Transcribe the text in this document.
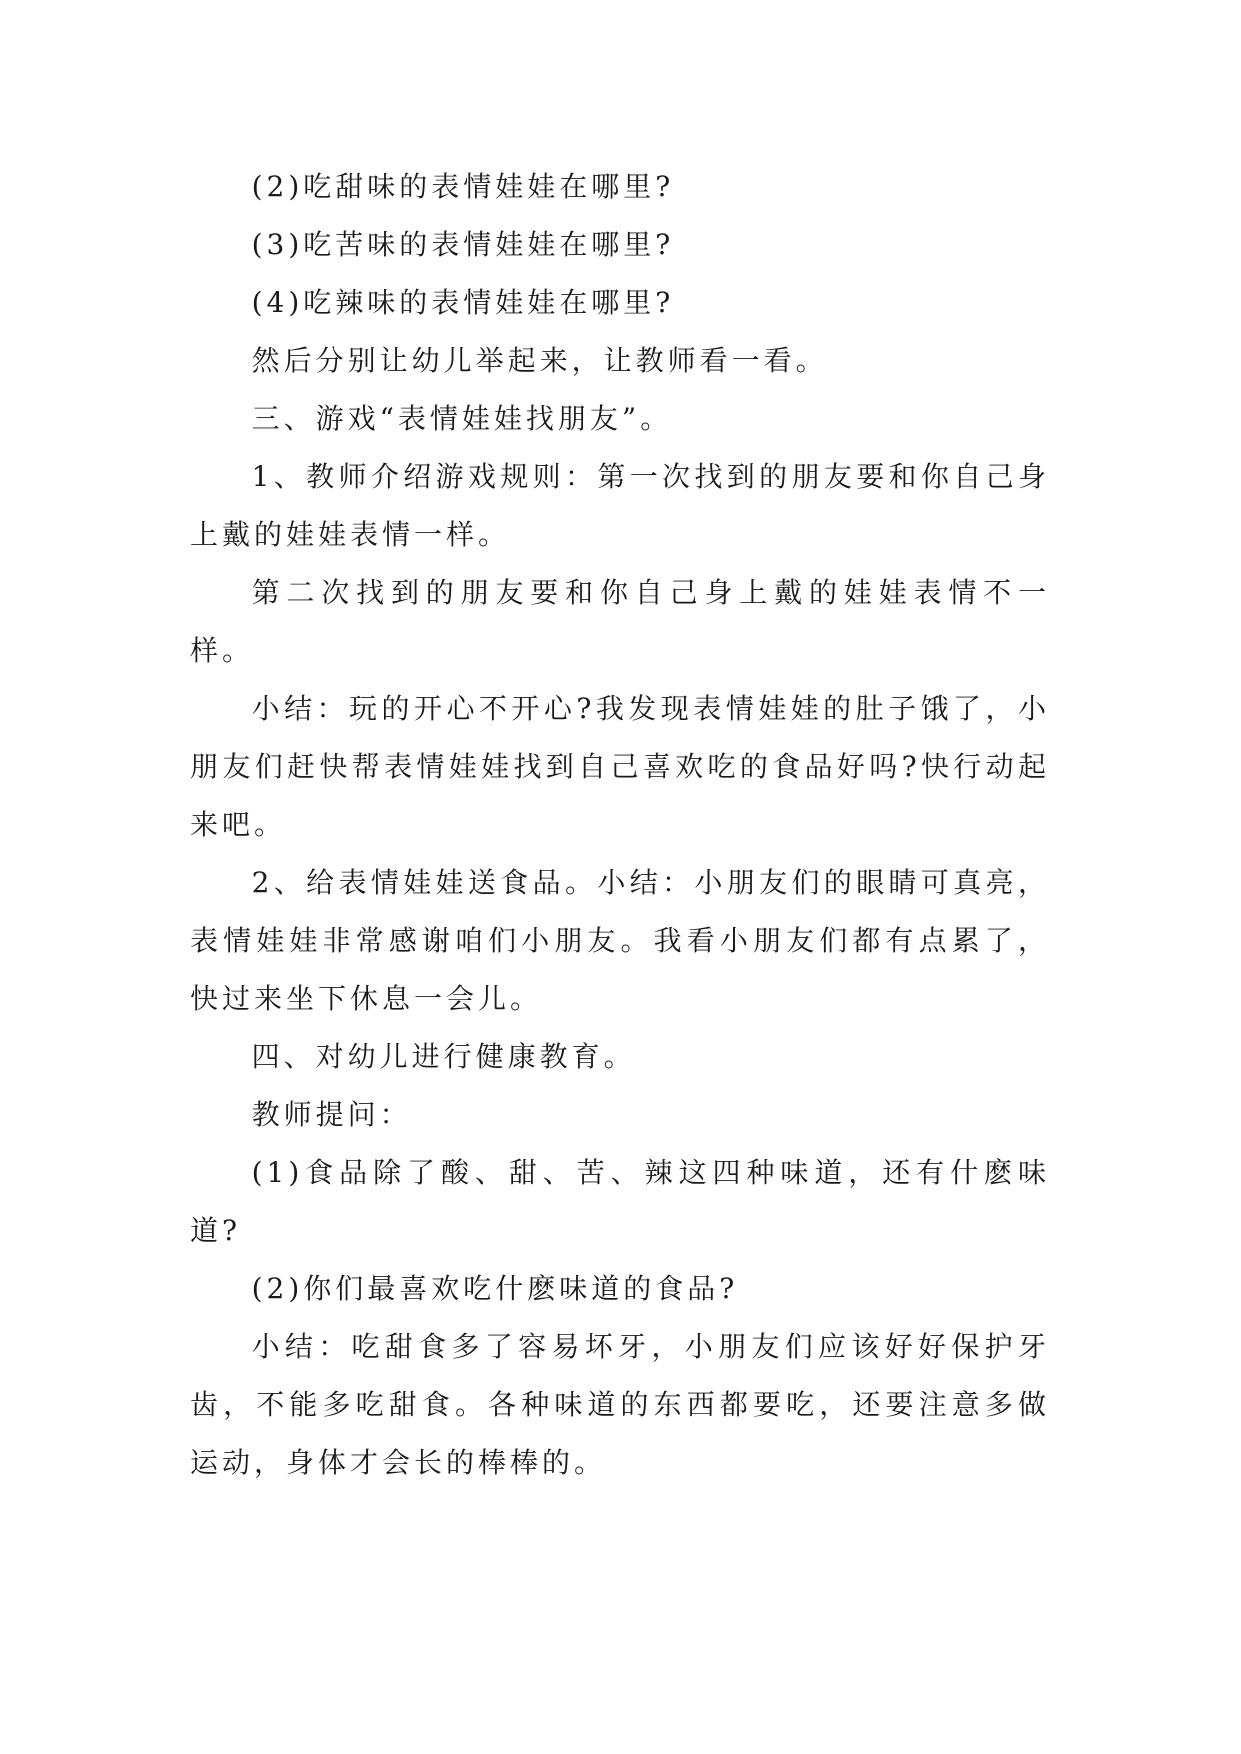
(2)吃甜味的表情娃娃在哪里?

(3)吃苦味的表情娃娃在哪里?

(4)吃辣味的表情娃娃在哪里?

然后分别让幼儿举起来，让教师看一看。

三、游戏“表情娃娃找朋友”。

1、教师介绍游戏规则：第一次找到的朋友要和你自己身上戴的娃娃表情一样。

第二次找到的朋友要和你自己身上戴的娃娃表情不一样。

小结：玩的开心不开心?我发现表情娃娃的肚子饿了，小朋友们赶快帮表情娃娃找到自己喜欢吃的食品好吗?快行动起来吧。

2、给表情娃娃送食品。小结：小朋友们的眼睛可真亮，表情娃娃非常感谢咱们小朋友。我看小朋友们都有点累了，快过来坐下休息一会儿。

四、对幼儿进行健康教育。

教师提问：

(1)食品除了酸、甜、苦、辣这四种味道，还有什麽味道?

(2)你们最喜欢吃什麽味道的食品?

小结：吃甜食多了容易坏牙，小朋友们应该好好保护牙齿，不能多吃甜食。各种味道的东西都要吃，还要注意多做运动，身体才会长的棒棒的。
